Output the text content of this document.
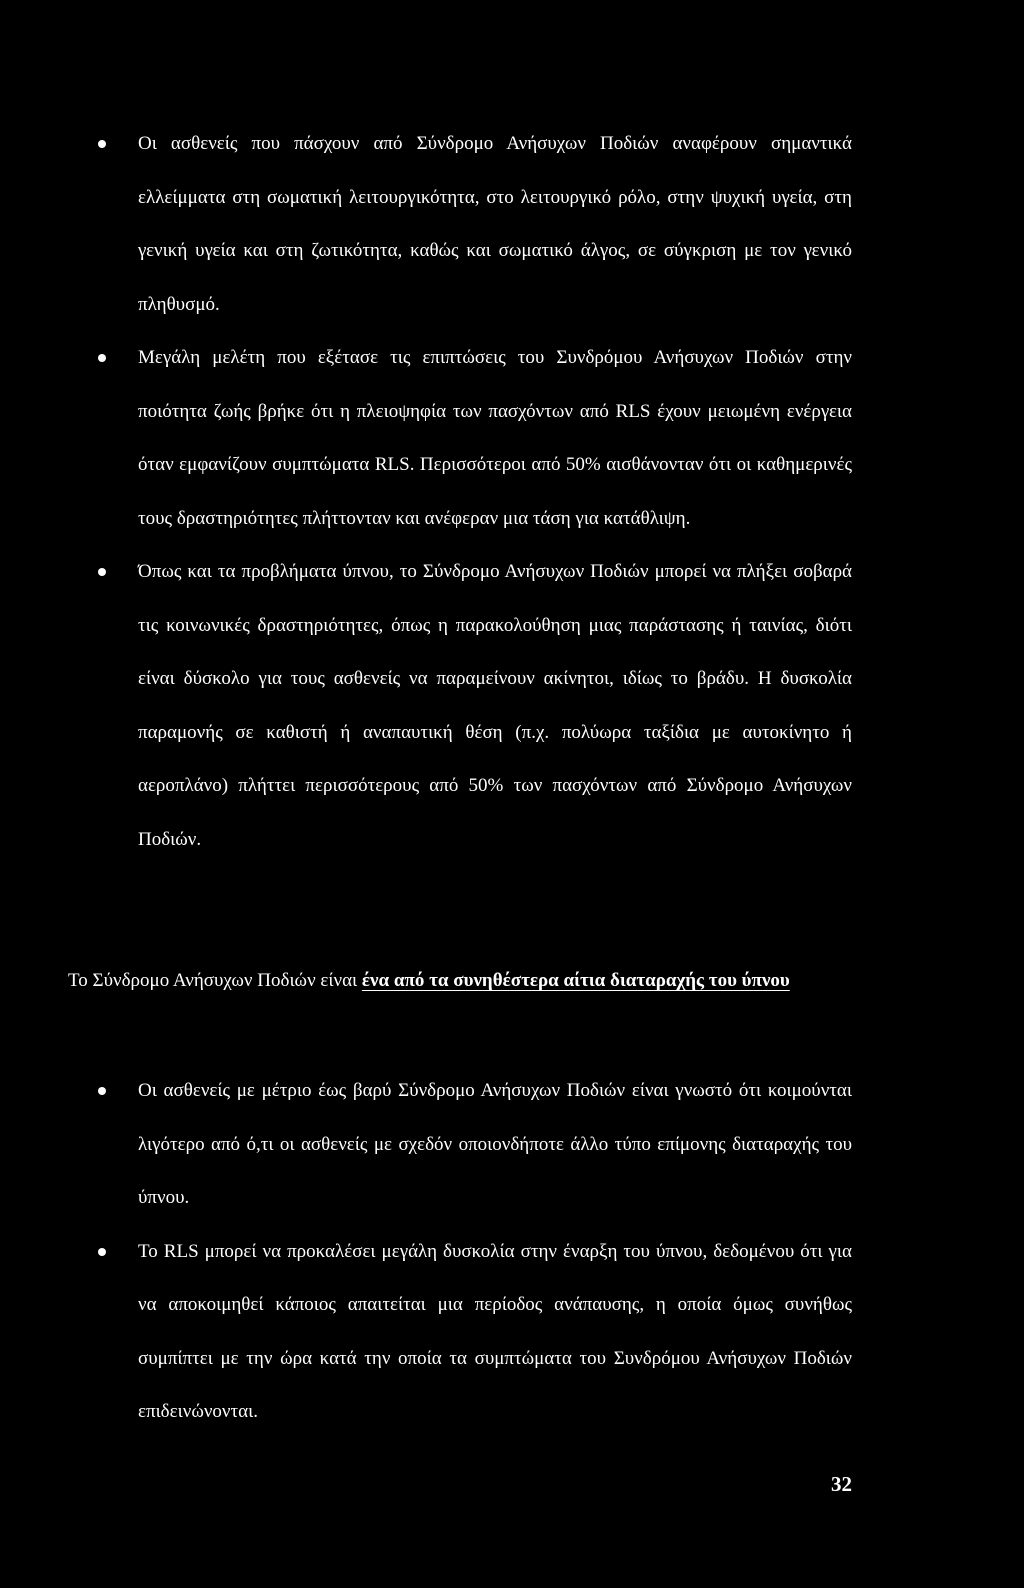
Οι ασθενείς που πάσχουν από Σύνδρομο Ανήσυχων Ποδιών αναφέρουν σημαντικά ελλείμματα στη σωματική λειτουργικότητα, στο λειτουργικό ρόλο, στην ψυχική υγεία, στη γενική υγεία και στη ζωτικότητα, καθώς και σωματικό άλγος, σε σύγκριση με τον γενικό πληθυσμό.
Μεγάλη μελέτη που εξέτασε τις επιπτώσεις του Συνδρόμου Ανήσυχων Ποδιών στην ποιότητα ζωής βρήκε ότι η πλειοψηφία των πασχόντων από RLS έχουν μειωμένη ενέργεια όταν εμφανίζουν συμπτώματα RLS. Περισσότεροι από 50% αισθάνονταν ότι οι καθημερινές τους δραστηριότητες πλήττονταν και ανέφεραν μια τάση για κατάθλιψη.
Όπως και τα προβλήματα ύπνου, το Σύνδρομο Ανήσυχων Ποδιών μπορεί να πλήξει σοβαρά τις κοινωνικές δραστηριότητες, όπως η παρακολούθηση μιας παράστασης ή ταινίας, διότι είναι δύσκολο για τους ασθενείς να παραμείνουν ακίνητοι, ιδίως το βράδυ. Η δυσκολία παραμονής σε καθιστή ή αναπαυτική θέση (π.χ. πολύωρα ταξίδια με αυτοκίνητο ή αεροπλάνο) πλήττει περισσότερους από 50% των πασχόντων από Σύνδρομο Ανήσυχων Ποδιών.

Το Σύνδρομο Ανήσυχων Ποδιών είναι ένα από τα συνηθέστερα αίτια διαταραχής του ύπνου

Οι ασθενείς με μέτριο έως βαρύ Σύνδρομο Ανήσυχων Ποδιών είναι γνωστό ότι κοιμούνται λιγότερο από ό,τι οι ασθενείς με σχεδόν οποιονδήποτε άλλο τύπο επίμονης διαταραχής του ύπνου.
Το RLS μπορεί να προκαλέσει μεγάλη δυσκολία στην έναρξη του ύπνου, δεδομένου ότι για να αποκοιμηθεί κάποιος απαιτείται μια περίοδος ανάπαυσης, η οποία όμως συνήθως συμπίπτει με την ώρα κατά την οποία τα συμπτώματα του Συνδρόμου Ανήσυχων Ποδιών επιδεινώνονται.
32
